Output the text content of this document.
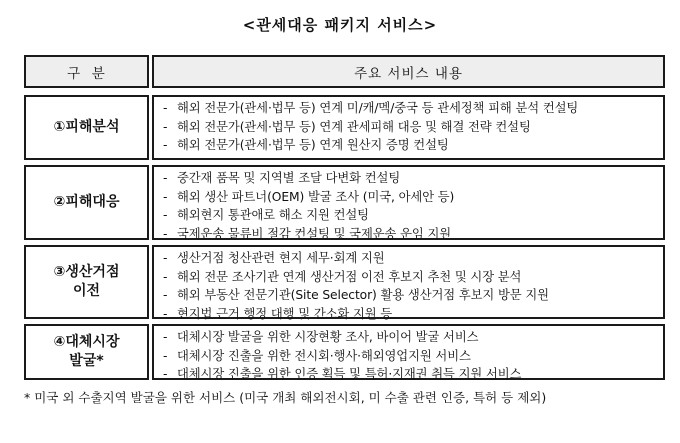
<관세대응 패키지 서비스>
구  분	주요 서비스 내용
①피해분석
- 해외 전문가(관세·법무 등) 연계 미/캐/멕/중국 등 관세정책 피해 분석 컨설팅
- 해외 전문가(관세·법무 등) 연계 관세피해 대응 및 해결 전략 컨설팅
- 해외 전문가(관세·법무 등) 연계 원산지 증명 컨설팅
②피해대응
- 중간재 품목 및 지역별 조달 다변화 컨설팅
- 해외 생산 파트너(OEM) 발굴 조사 (미국, 아세안 등)
- 해외현지 통관애로 해소 지원 컨설팅
- 국제운송 물류비 절감 컨설팅 및 국제운송 운임 지원
③생산거점
이전
- 생산거점 청산관련 현지 세무·회계 지원
- 해외 전문 조사기관 연계 생산거점 이전 후보지 추천 및 시장 분석
- 해외 부동산 전문기관(Site Selector) 활용 생산거점 후보지 방문 지원
- 현지법 근거 행정 대행 및 간소화 지원 등
④대체시장
발굴*
- 대체시장 발굴을 위한 시장현황 조사, 바이어 발굴 서비스
- 대체시장 진출을 위한 전시회·행사·해외영업지원 서비스
- 대체시장 진출을 위한 인증 획득 및 특허·지재권 취득 지원 서비스
* 미국 외 수출지역 발굴을 위한 서비스 (미국 개최 해외전시회, 미 수출 관련 인증, 특허 등 제외)
